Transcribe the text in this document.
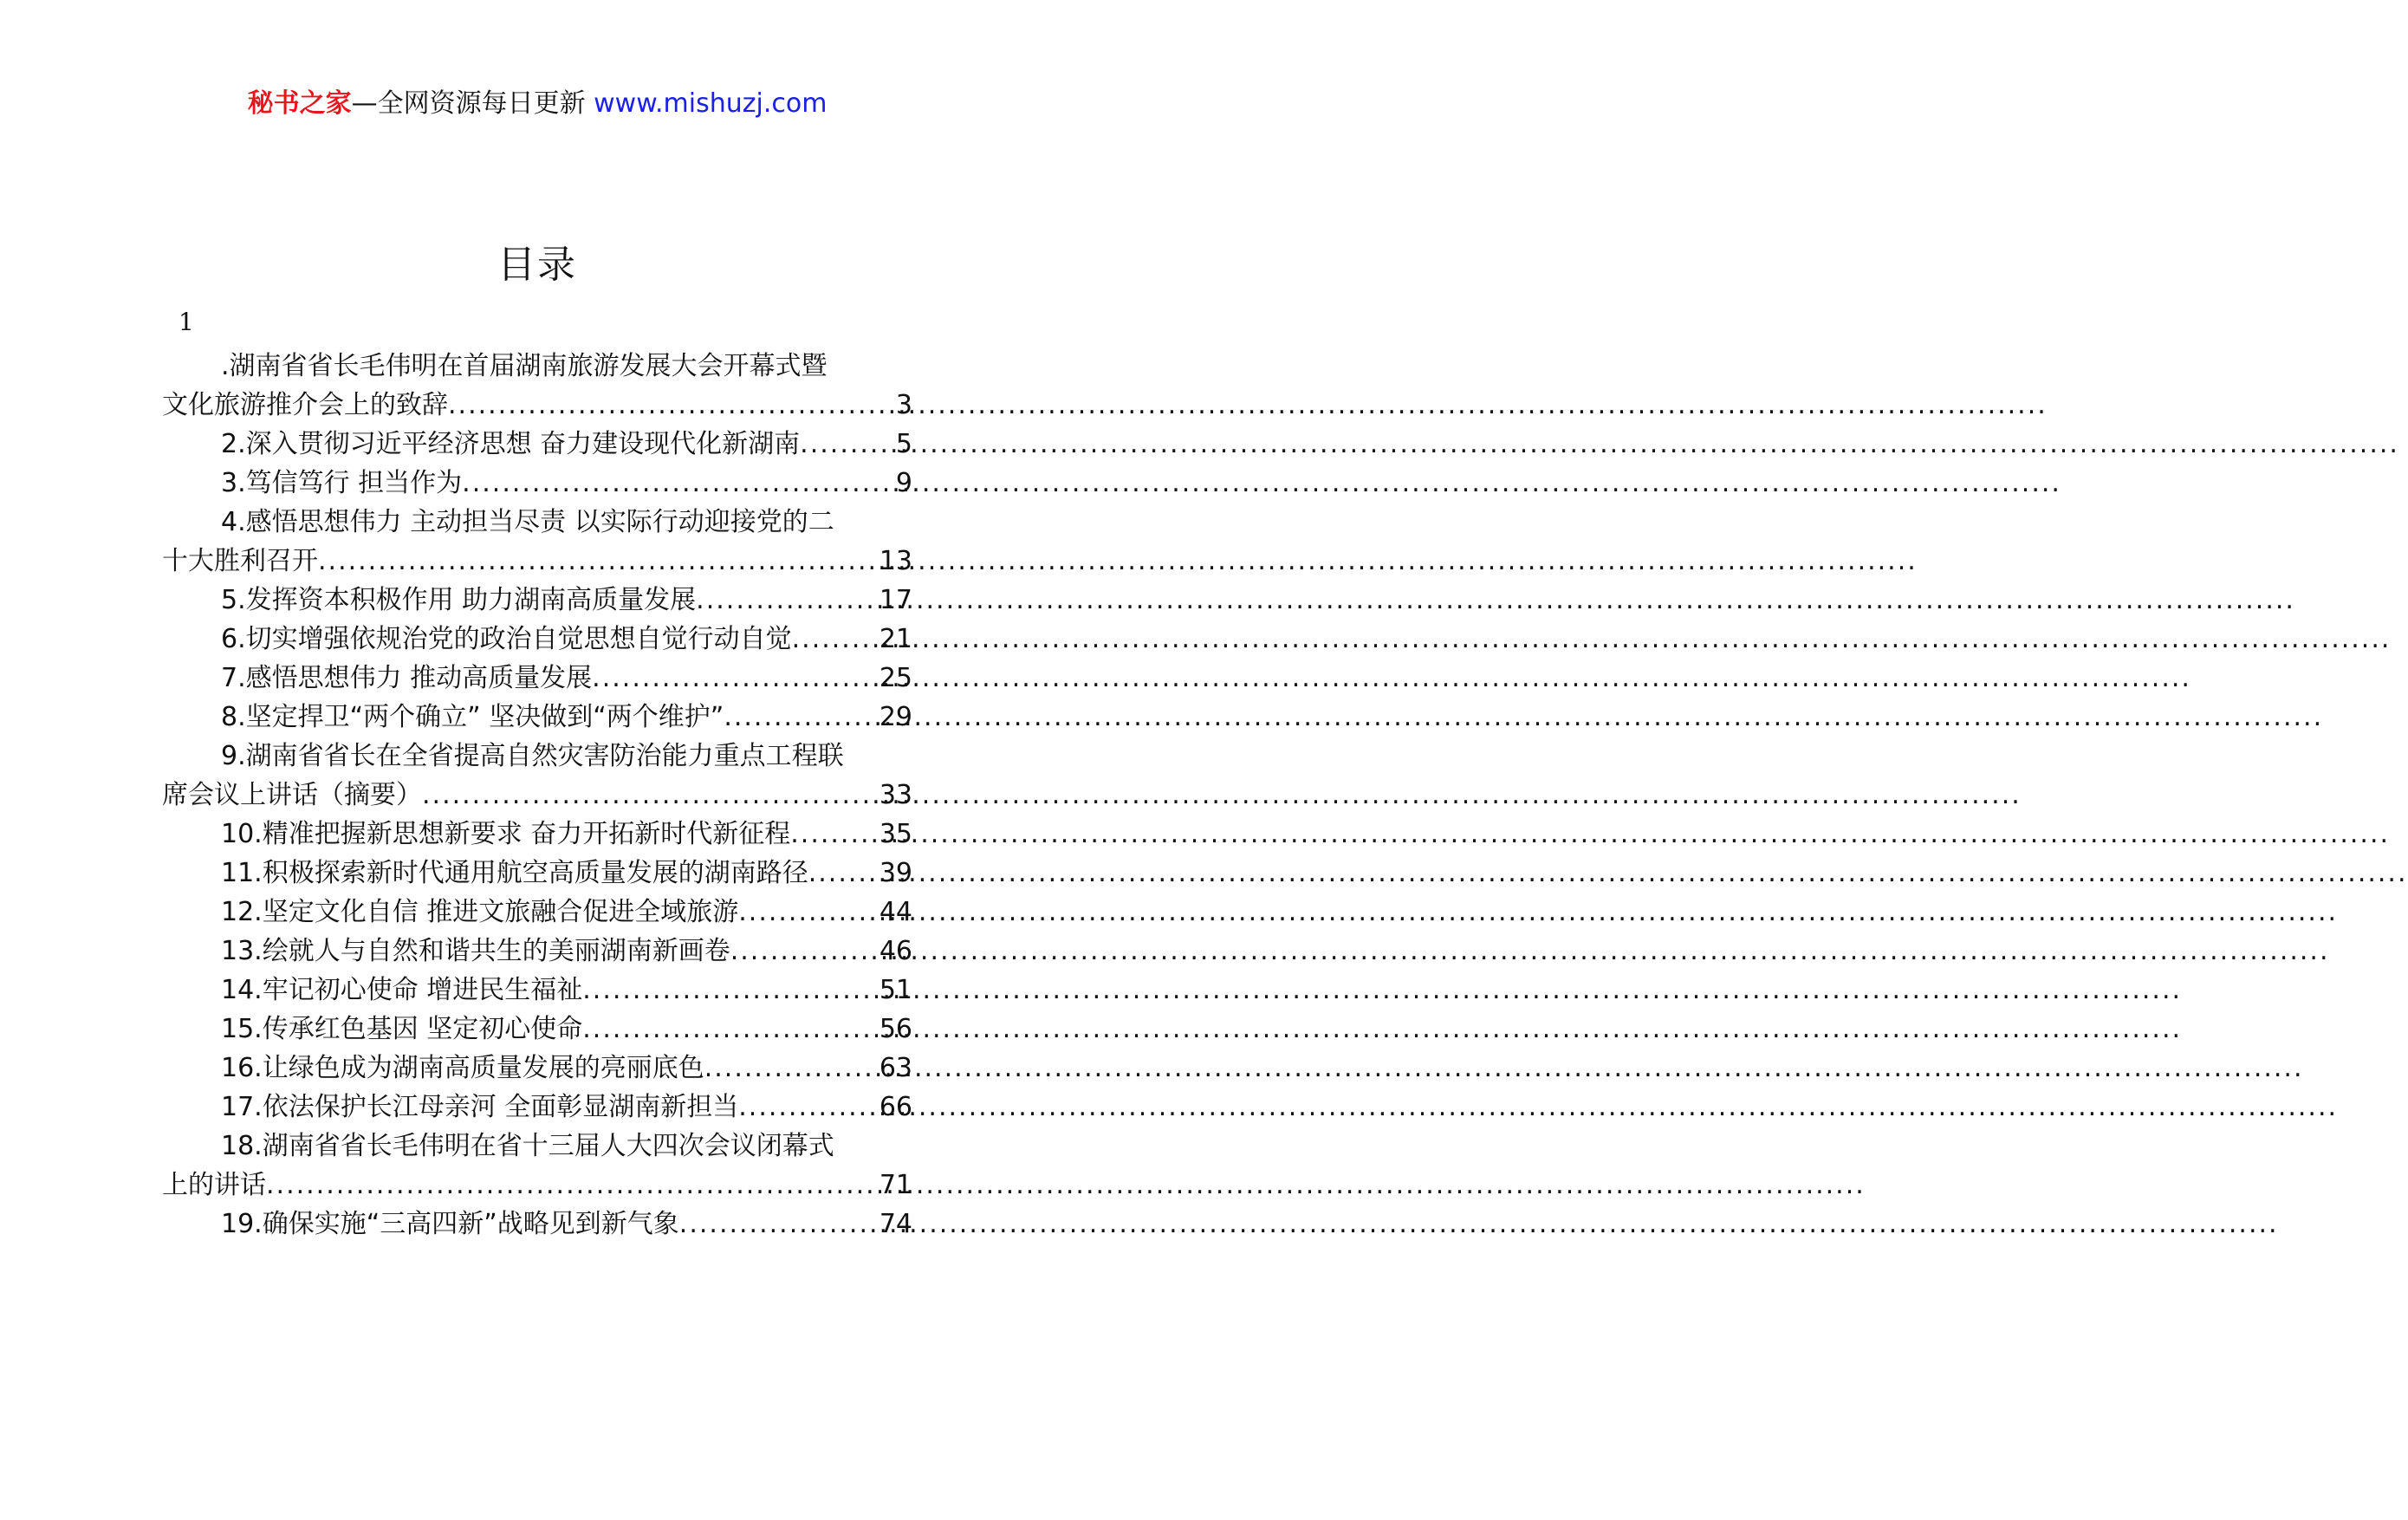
秘书之家—全网资源每日更新 www.mishuzj.com
目录
1
.湖南省省长毛伟明在首届湖南旅游发展大会开幕式暨
文化旅游推介会上的致辞 .....	3
2.深入贯彻习近平经济思想 奋力建设现代化新湖南 .....	5
3.笃信笃行 担当作为 .....	9
4.感悟思想伟力 主动担当尽责 以实际行动迎接党的二
十大胜利召开 .....	13
5.发挥资本积极作用 助力湖南高质量发展 .....	17
6.切实增强依规治党的政治自觉思想自觉行动自觉 .....	21
7.感悟思想伟力 推动高质量发展 .....	25
8.坚定捍卫“两个确立” 坚决做到“两个维护” .....	29
9.湖南省省长在全省提高自然灾害防治能力重点工程联
席会议上讲话（摘要） .....	33
10.精准把握新思想新要求 奋力开拓新时代新征程 .....	35
11.积极探索新时代通用航空高质量发展的湖南路径 .....	39
12.坚定文化自信 推进文旅融合促进全域旅游 .....	44
13.绘就人与自然和谐共生的美丽湖南新画卷 .....	46
14.牢记初心使命 增进民生福祉 .....	51
15.传承红色基因 坚定初心使命 .....	56
16.让绿色成为湖南高质量发展的亮丽底色 .....	63
17.依法保护长江母亲河 全面彰显湖南新担当 .....	66
18.湖南省省长毛伟明在省十三届人大四次会议闭幕式
上的讲话 .....	71
19.确保实施“三高四新”战略见到新气象 .....	74
